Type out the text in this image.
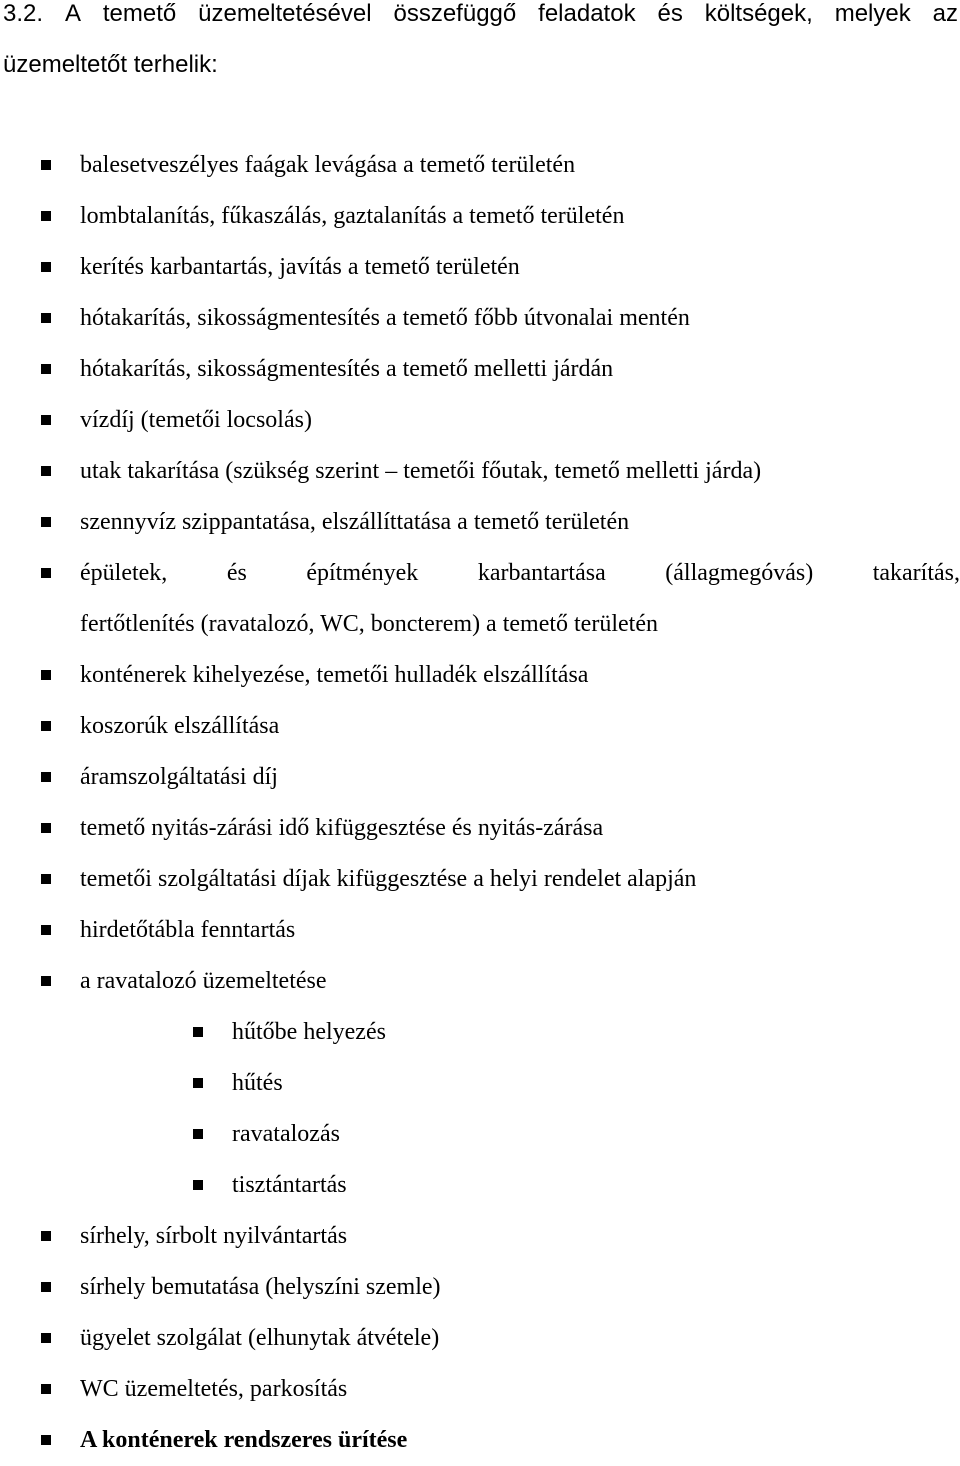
3.2. A temető üzemeltetésével összefüggő feladatok és költségek, melyek az
üzemeltetőt terhelik:
balesetveszélyes faágak levágása a temető területén
lombtalanítás, fűkaszálás, gaztalanítás a temető területén
kerítés karbantartás, javítás a temető területén
hótakarítás, sikosságmentesítés a temető főbb útvonalai mentén
hótakarítás, sikosságmentesítés a temető melletti járdán
vízdíj (temetői locsolás)
utak takarítása (szükség szerint – temetői főutak, temető melletti járda)
szennyvíz szippantatása, elszállíttatása a temető területén
épületek, és építmények karbantartása (állagmegóvás) takarítás,
fertőtlenítés (ravatalozó, WC, boncterem) a temető területén
konténerek kihelyezése, temetői hulladék elszállítása
koszorúk elszállítása
áramszolgáltatási díj
temető nyitás-zárási idő kifüggesztése és nyitás-zárása
temetői szolgáltatási díjak kifüggesztése a helyi rendelet alapján
hirdetőtábla fenntartás
a ravatalozó üzemeltetése
hűtőbe helyezés
hűtés
ravatalozás
tisztántartás
sírhely, sírbolt nyilvántartás
sírhely bemutatása (helyszíni szemle)
ügyelet szolgálat (elhunytak átvétele)
WC üzemeltetés, parkosítás
A konténerek rendszeres ürítése
